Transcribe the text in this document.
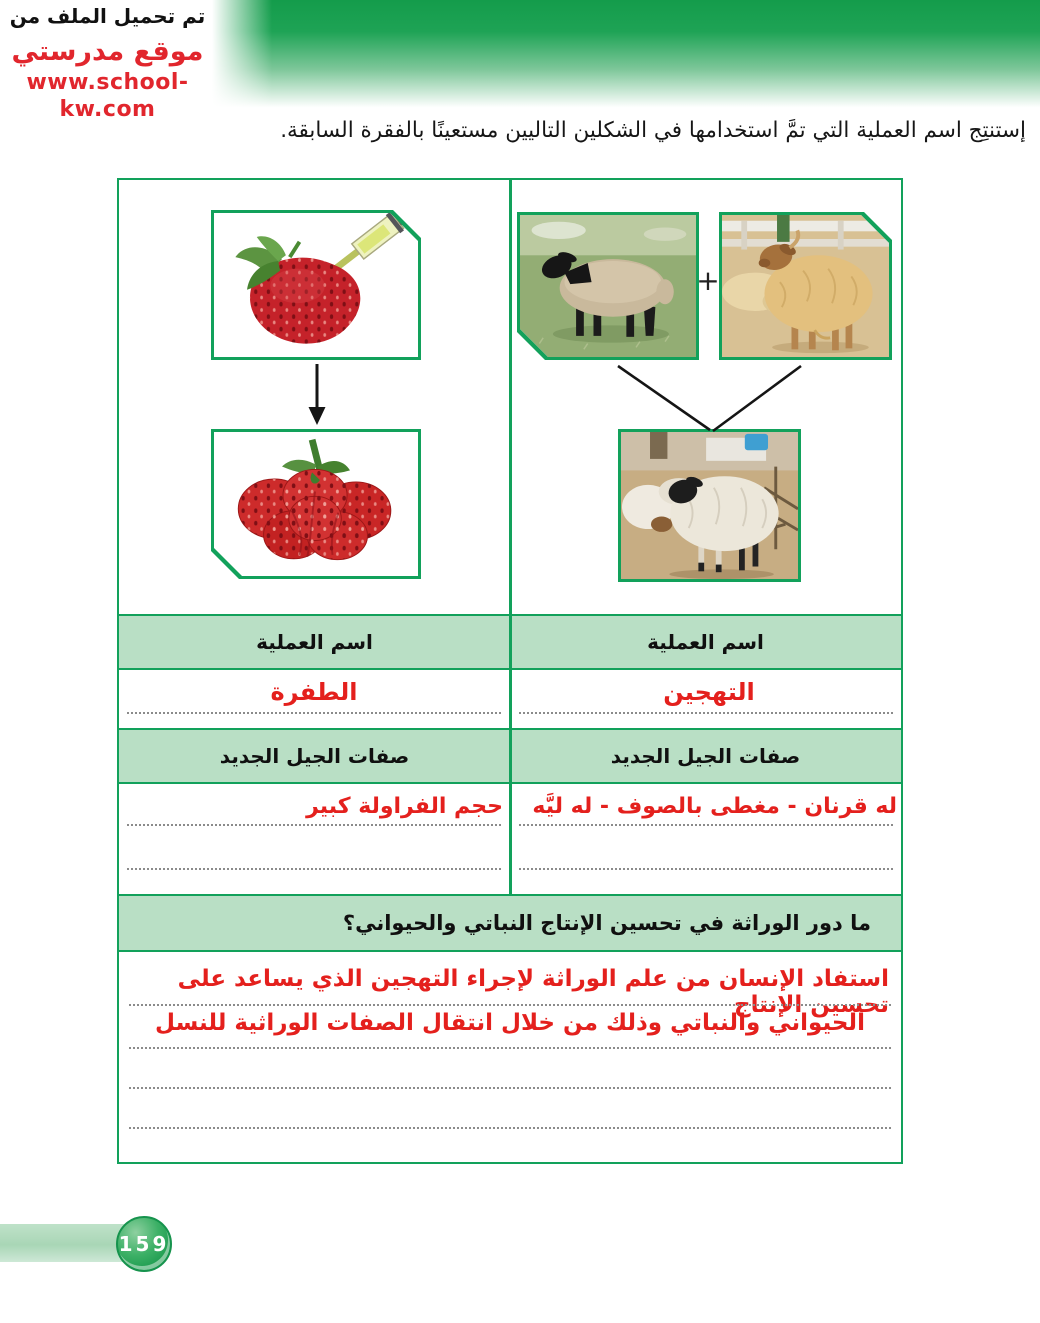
تم تحميل الملف من
موقع مدرستي
www.school-kw.com
إستنتِج اسم العملية التي تمَّ استخدامها في الشكلين التاليين مستعينًا بالفقرة السابقة.
+
اسم العملية	اسم العملية
الطفرة	التهجين
صفات الجيل الجديد	صفات الجيل الجديد
حجم الفراولة كبير	له قرنان - مغطى بالصوف - له ليَّه
ما دور الوراثة في تحسين الإنتاج النباتي والحيواني؟
استفاد الإنسان من علم الوراثة لإجراء التهجين الذي يساعد على تحسين الإنتاج
الحيواني والنباتي وذلك من خلال انتقال الصفات الوراثية للنسل
159
